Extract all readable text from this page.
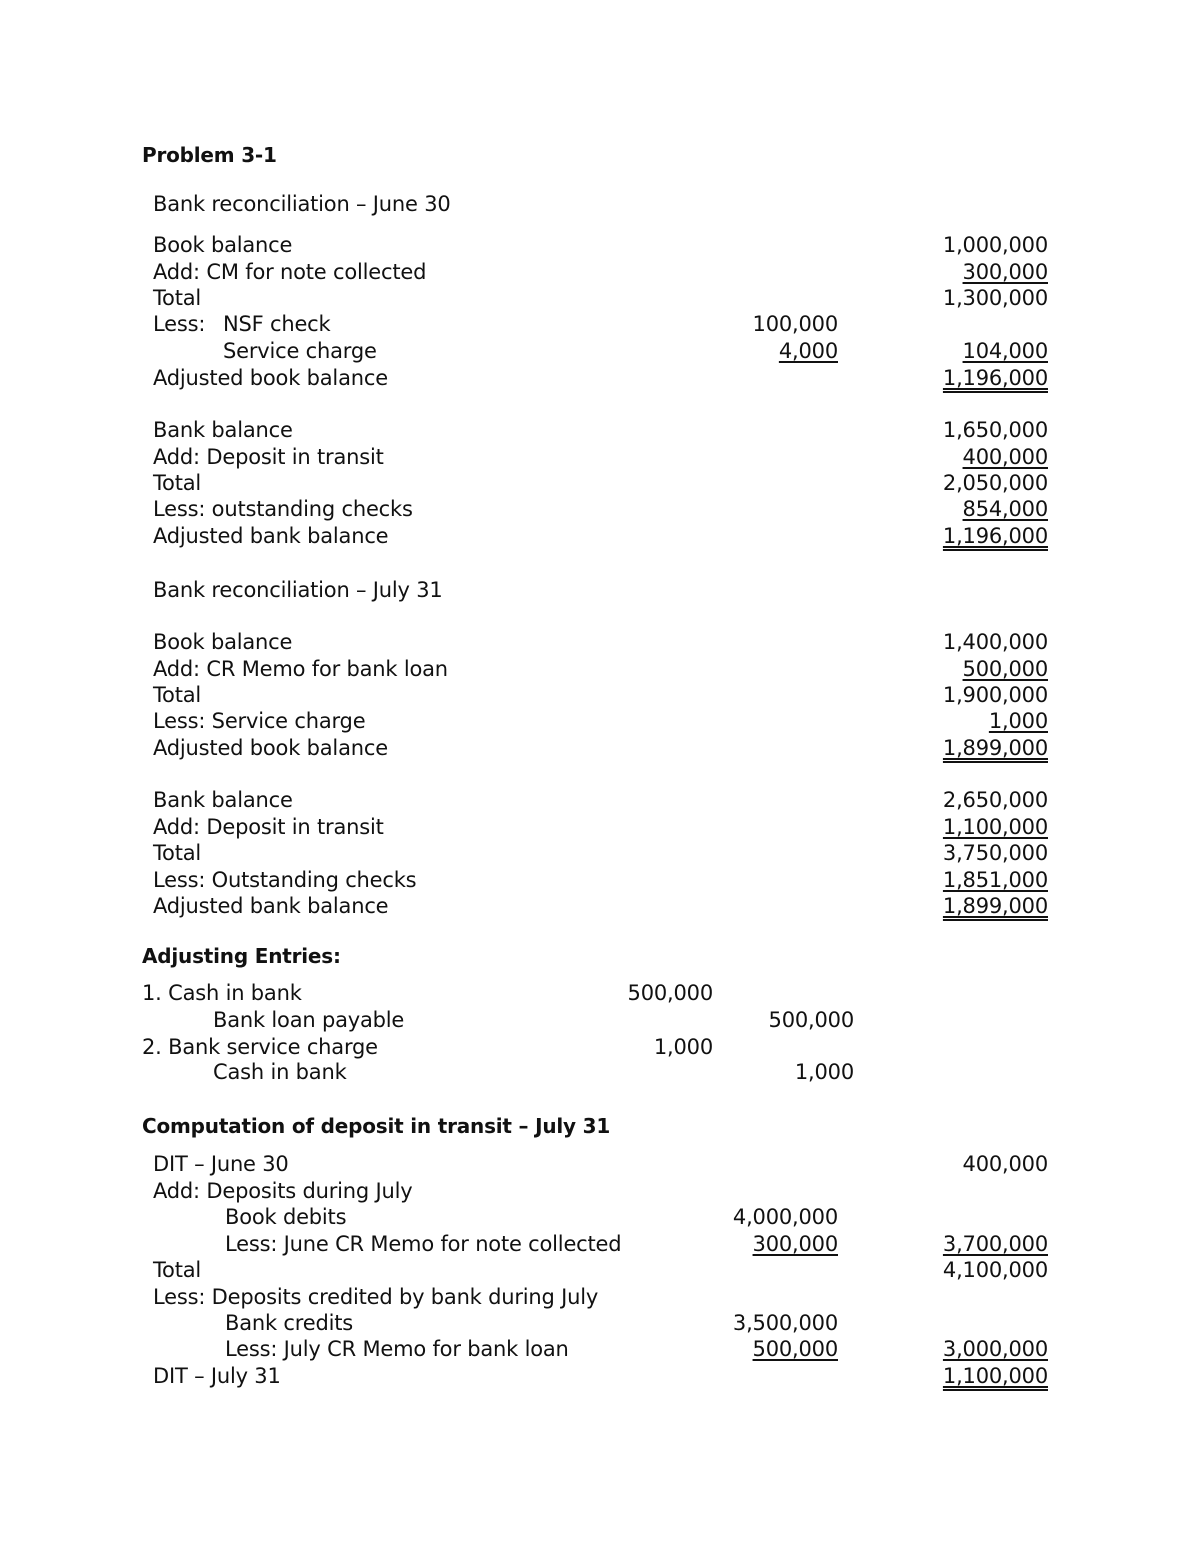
Problem 3-1
Bank reconciliation – June 30
Book balance	1,000,000
Add: CM for note collected	300,000
Total	1,300,000
Less: NSF check	100,000
Service charge	4,000	104,000
Adjusted book balance	1,196,000
Bank balance	1,650,000
Add: Deposit in transit	400,000
Total	2,050,000
Less: outstanding checks	854,000
Adjusted bank balance	1,196,000
Bank reconciliation – July 31
Book balance	1,400,000
Add: CR Memo for bank loan	500,000
Total	1,900,000
Less: Service charge	1,000
Adjusted book balance	1,899,000
Bank balance	2,650,000
Add: Deposit in transit	1,100,000
Total	3,750,000
Less: Outstanding checks	1,851,000
Adjusted bank balance	1,899,000
Adjusting Entries:
1. Cash in bank	500,000
Bank loan payable	500,000
2. Bank service charge	1,000
Cash in bank	1,000
Computation of deposit in transit – July 31
DIT – June 30	400,000
Add: Deposits during July
Book debits	4,000,000
Less: June CR Memo for note collected	300,000	3,700,000
Total	4,100,000
Less: Deposits credited by bank during July
Bank credits	3,500,000
Less: July CR Memo for bank loan	500,000	3,000,000
DIT – July 31	1,100,000
